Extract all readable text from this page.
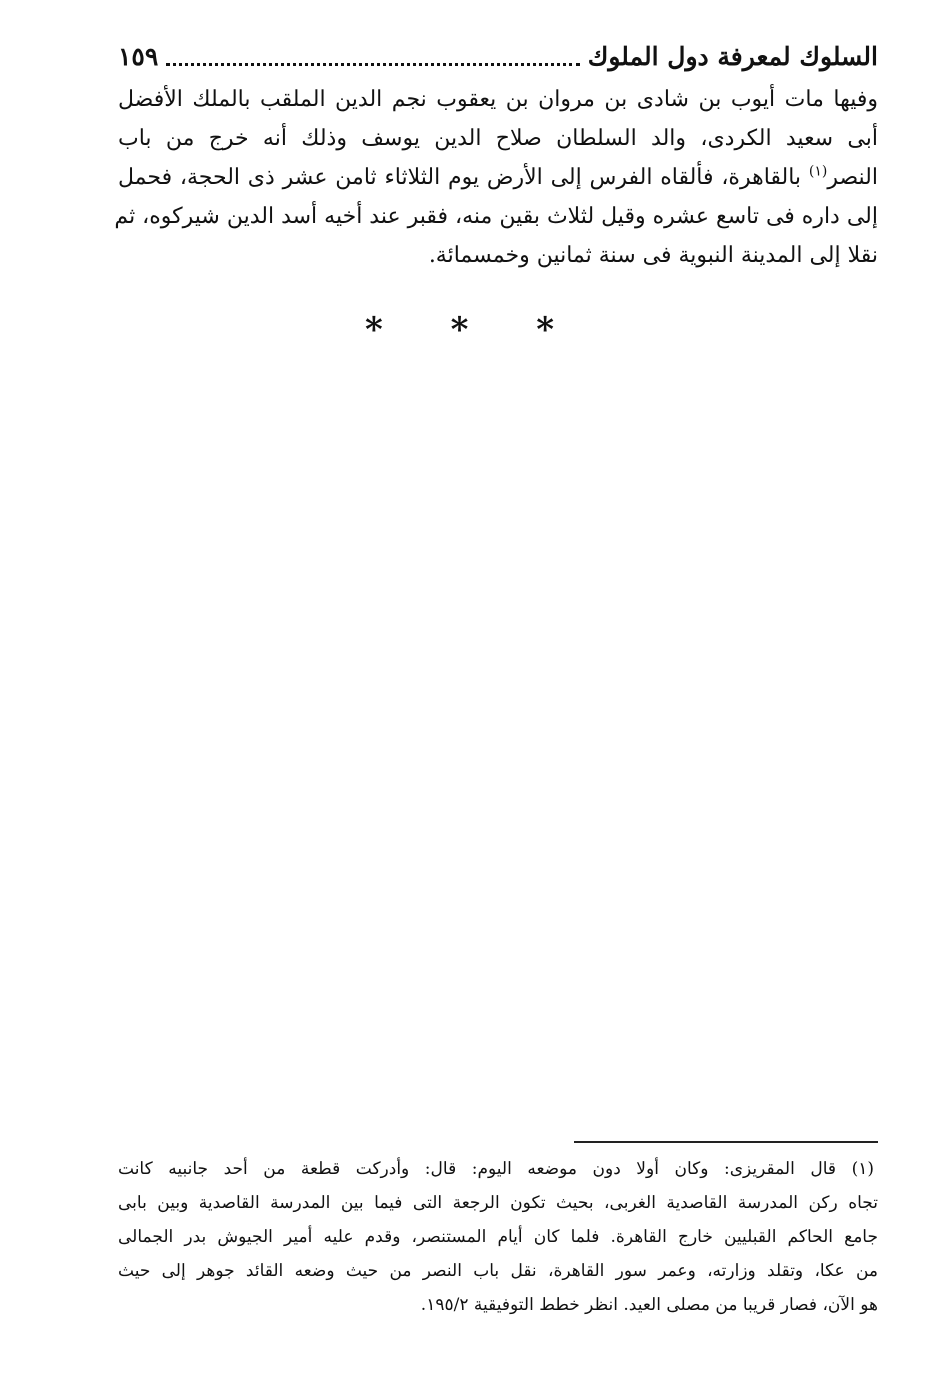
السلوك لمعرفة دول الملوك
١٥٩
وفيها مات أيوب بن شادى بن مروان بن يعقوب نجم الدين الملقب بالملك الأفضل
أبى سعيد الكردى، والد السلطان صلاح الدين يوسف وذلك أنه خرج من باب
النصر$^{(١)}$ بالقاهرة، فألقاه الفرس إلى الأرض يوم الثلاثاء ثامن عشر ذى الحجة، فحمل
إلى داره فى تاسع عشره وقيل لثلاث بقين منه، فقبر عند أخيه أسد الدين شيركوه، ثم
نقلا إلى المدينة النبوية فى سنة ثمانين وخمسمائة.
* * *
(١) قال المقريزى: وكان أولا دون موضعه اليوم: قال: وأدركت قطعة من أحد جانبيه كانت
تجاه ركن المدرسة القاصدية الغربى، بحيث تكون الرجعة التى فيما بين المدرسة القاصدية وبين بابى
جامع الحاكم القبليين خارج القاهرة. فلما كان أيام المستنصر، وقدم عليه أمير الجيوش بدر الجمالى
من عكا، وتقلد وزارته، وعمر سور القاهرة، نقل باب النصر من حيث وضعه القائد جوهر إلى حيث
هو الآن، فصار قريبا من مصلى العيد. انظر خطط التوفيقية ١٩٥/٢.
